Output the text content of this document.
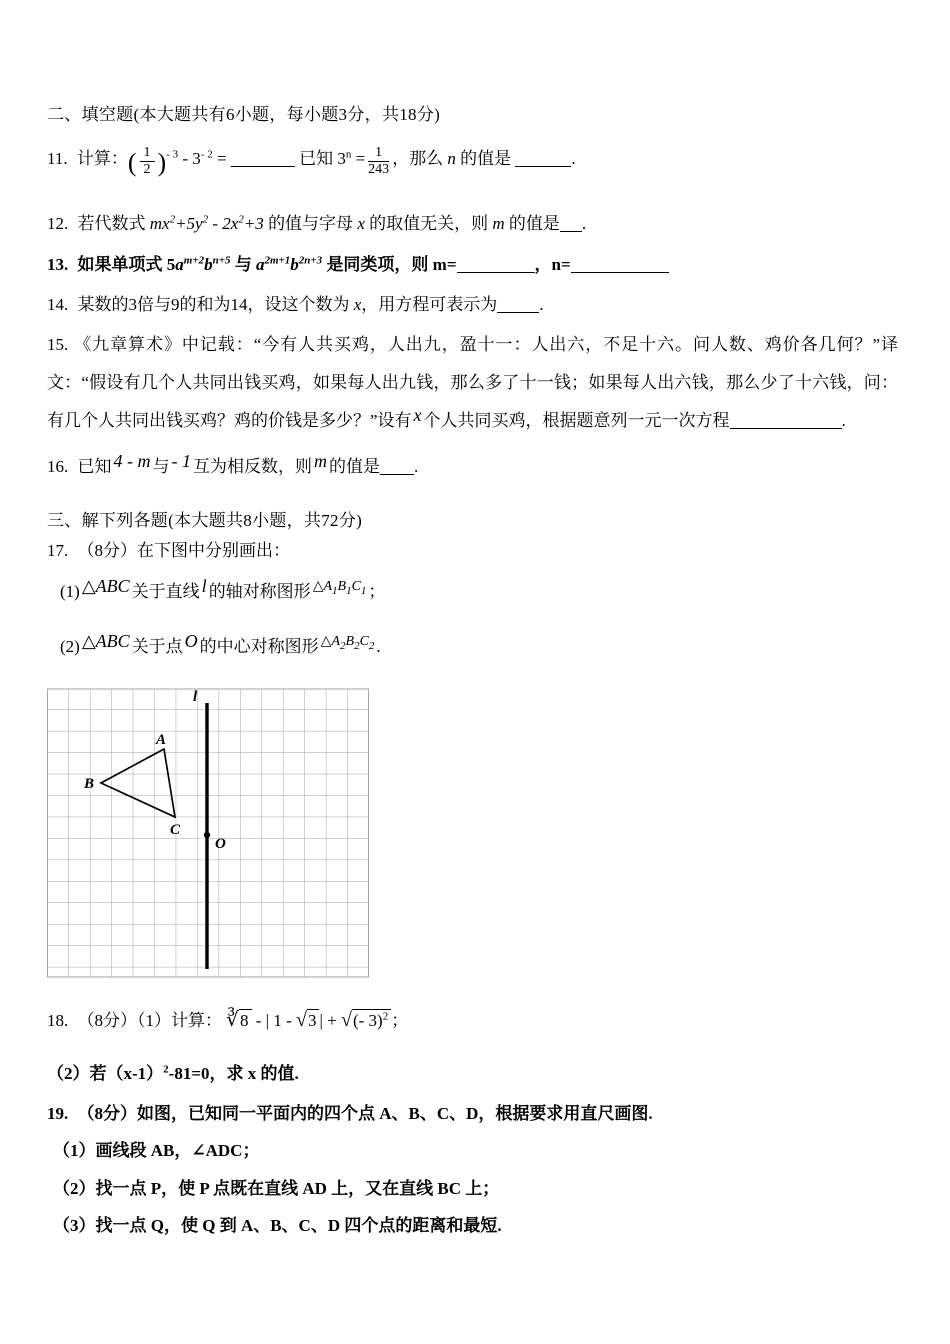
二、填空题(本大题共有6小题，每小题3分，共18分)
11. 计算：( $\frac{1}{2} )^{- 3} - 3^{- 2}$ =	已知 $3^n = \frac{1}{243}$ ，那么 n 的值是	.
12. 若代数式 $mx^2+5y^2 - 2x^2+3$ 的值与字母 x 的取值无关，则 m 的值是 .
13. 如果单项式 $5a^{m+2}b^{n+5}$ 与 $a^{2m+1}b^{2n+3}$ 是同类项，则 m=	，n=
14. 某数的3倍与9的和为14，设这个数为 x，用方程可表示为 .
15. 《九章算术》中记载：“今有人共买鸡，人出九，盈十一：人出六，不足十六。问人数、鸡价各几何？”译文：“假设有几个人共同出钱买鸡，如果每人出九钱，那么多了十一钱；如果每人出六钱，那么少了十六钱，问：有几个人共同出钱买鸡？鸡的价钱是多少？”设有 x 个人共同买鸡，根据题意列一元一次方程	.
16. 已知 4 - m 与 - 1 互为相反数，则 m 的值是 .
三、解下列各题(本大题共8小题，共72分)
17. （8分）在下图中分别画出：
(1) △ABC 关于直线 l 的轴对称图形 $^{\triangle A_1B_1C_1}$ ；
(2) △ABC 关于点 O 的中心对称图形 $^{\triangle A_2B_2C_2}$ .
l
A
B
C
O
18. （8分）（1）计算： ∛8 - | 1 - √3 | + √(- 3)$^2$ ；
（2）若$(x-1)^2-81=0$，求 x 的值.
19. （8分）如图，已知同一平面内的四个点 A、B、C、D，根据要求用直尺画图.
（1）画线段 AB，∠ADC；
（2）找一点 P，使 P 点既在直线 AD 上，又在直线 BC 上；
（3）找一点 Q，使 Q 到 A、B、C、D 四个点的距离和最短.
